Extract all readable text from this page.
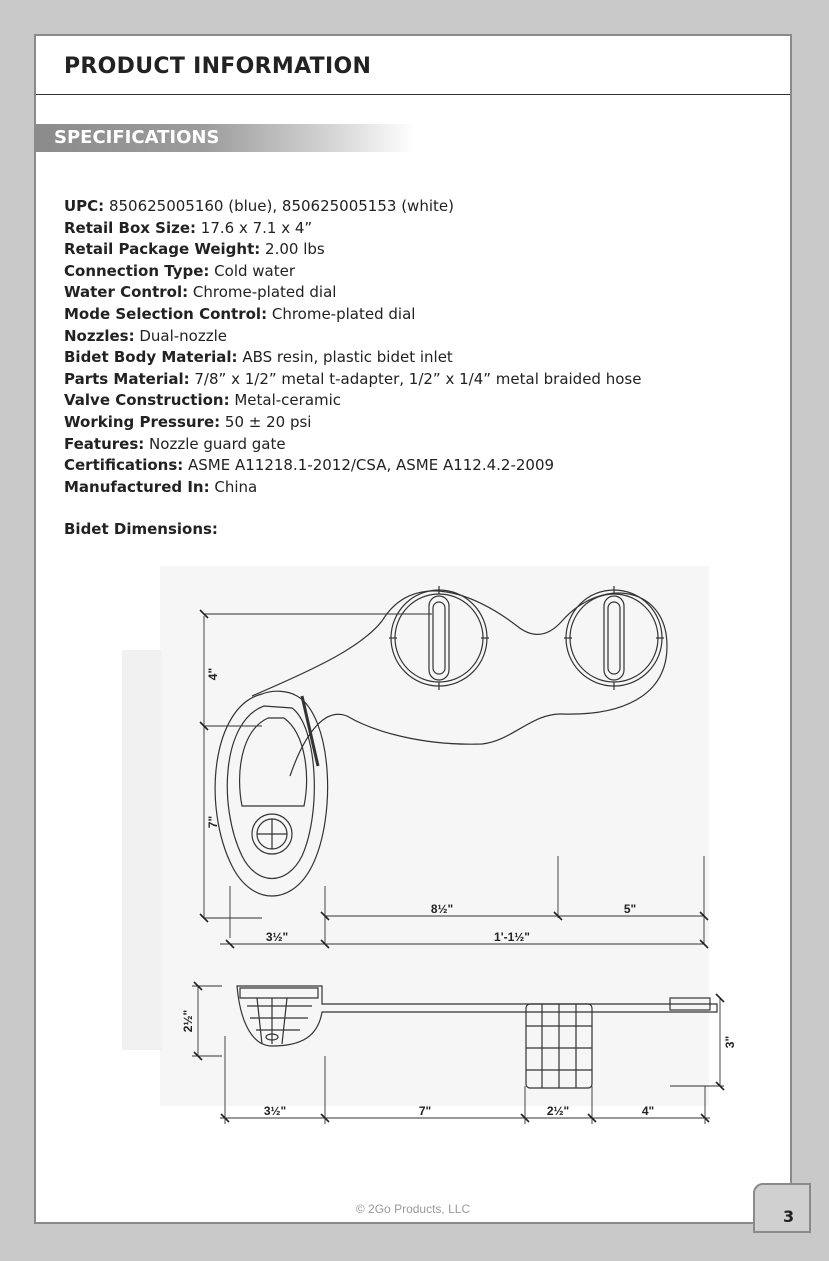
PRODUCT INFORMATION
SPECIFICATIONS
UPC: 850625005160 (blue), 850625005153 (white)
Retail Box Size: 17.6 x 7.1 x 4”
Retail Package Weight: 2.00 lbs
Connection Type: Cold water
Water Control: Chrome-plated dial
Mode Selection Control: Chrome-plated dial
Nozzles: Dual-nozzle
Bidet Body Material: ABS resin, plastic bidet inlet
Parts Material: 7/8” x 1/2” metal t-adapter, 1/2” x 1/4” metal braided hose
Valve Construction: Metal-ceramic
Working Pressure: 50 ± 20 psi
Features: Nozzle guard gate
Certifications: ASME A11218.1-2012/CSA, ASME A112.4.2-2009
Manufactured In: China
Bidet Dimensions:
4"
7"
8½"	5"
3½"	1'-1½"
2½"
3"
3½"	7"	2½"	4"
© 2Go Products, LLC	3
